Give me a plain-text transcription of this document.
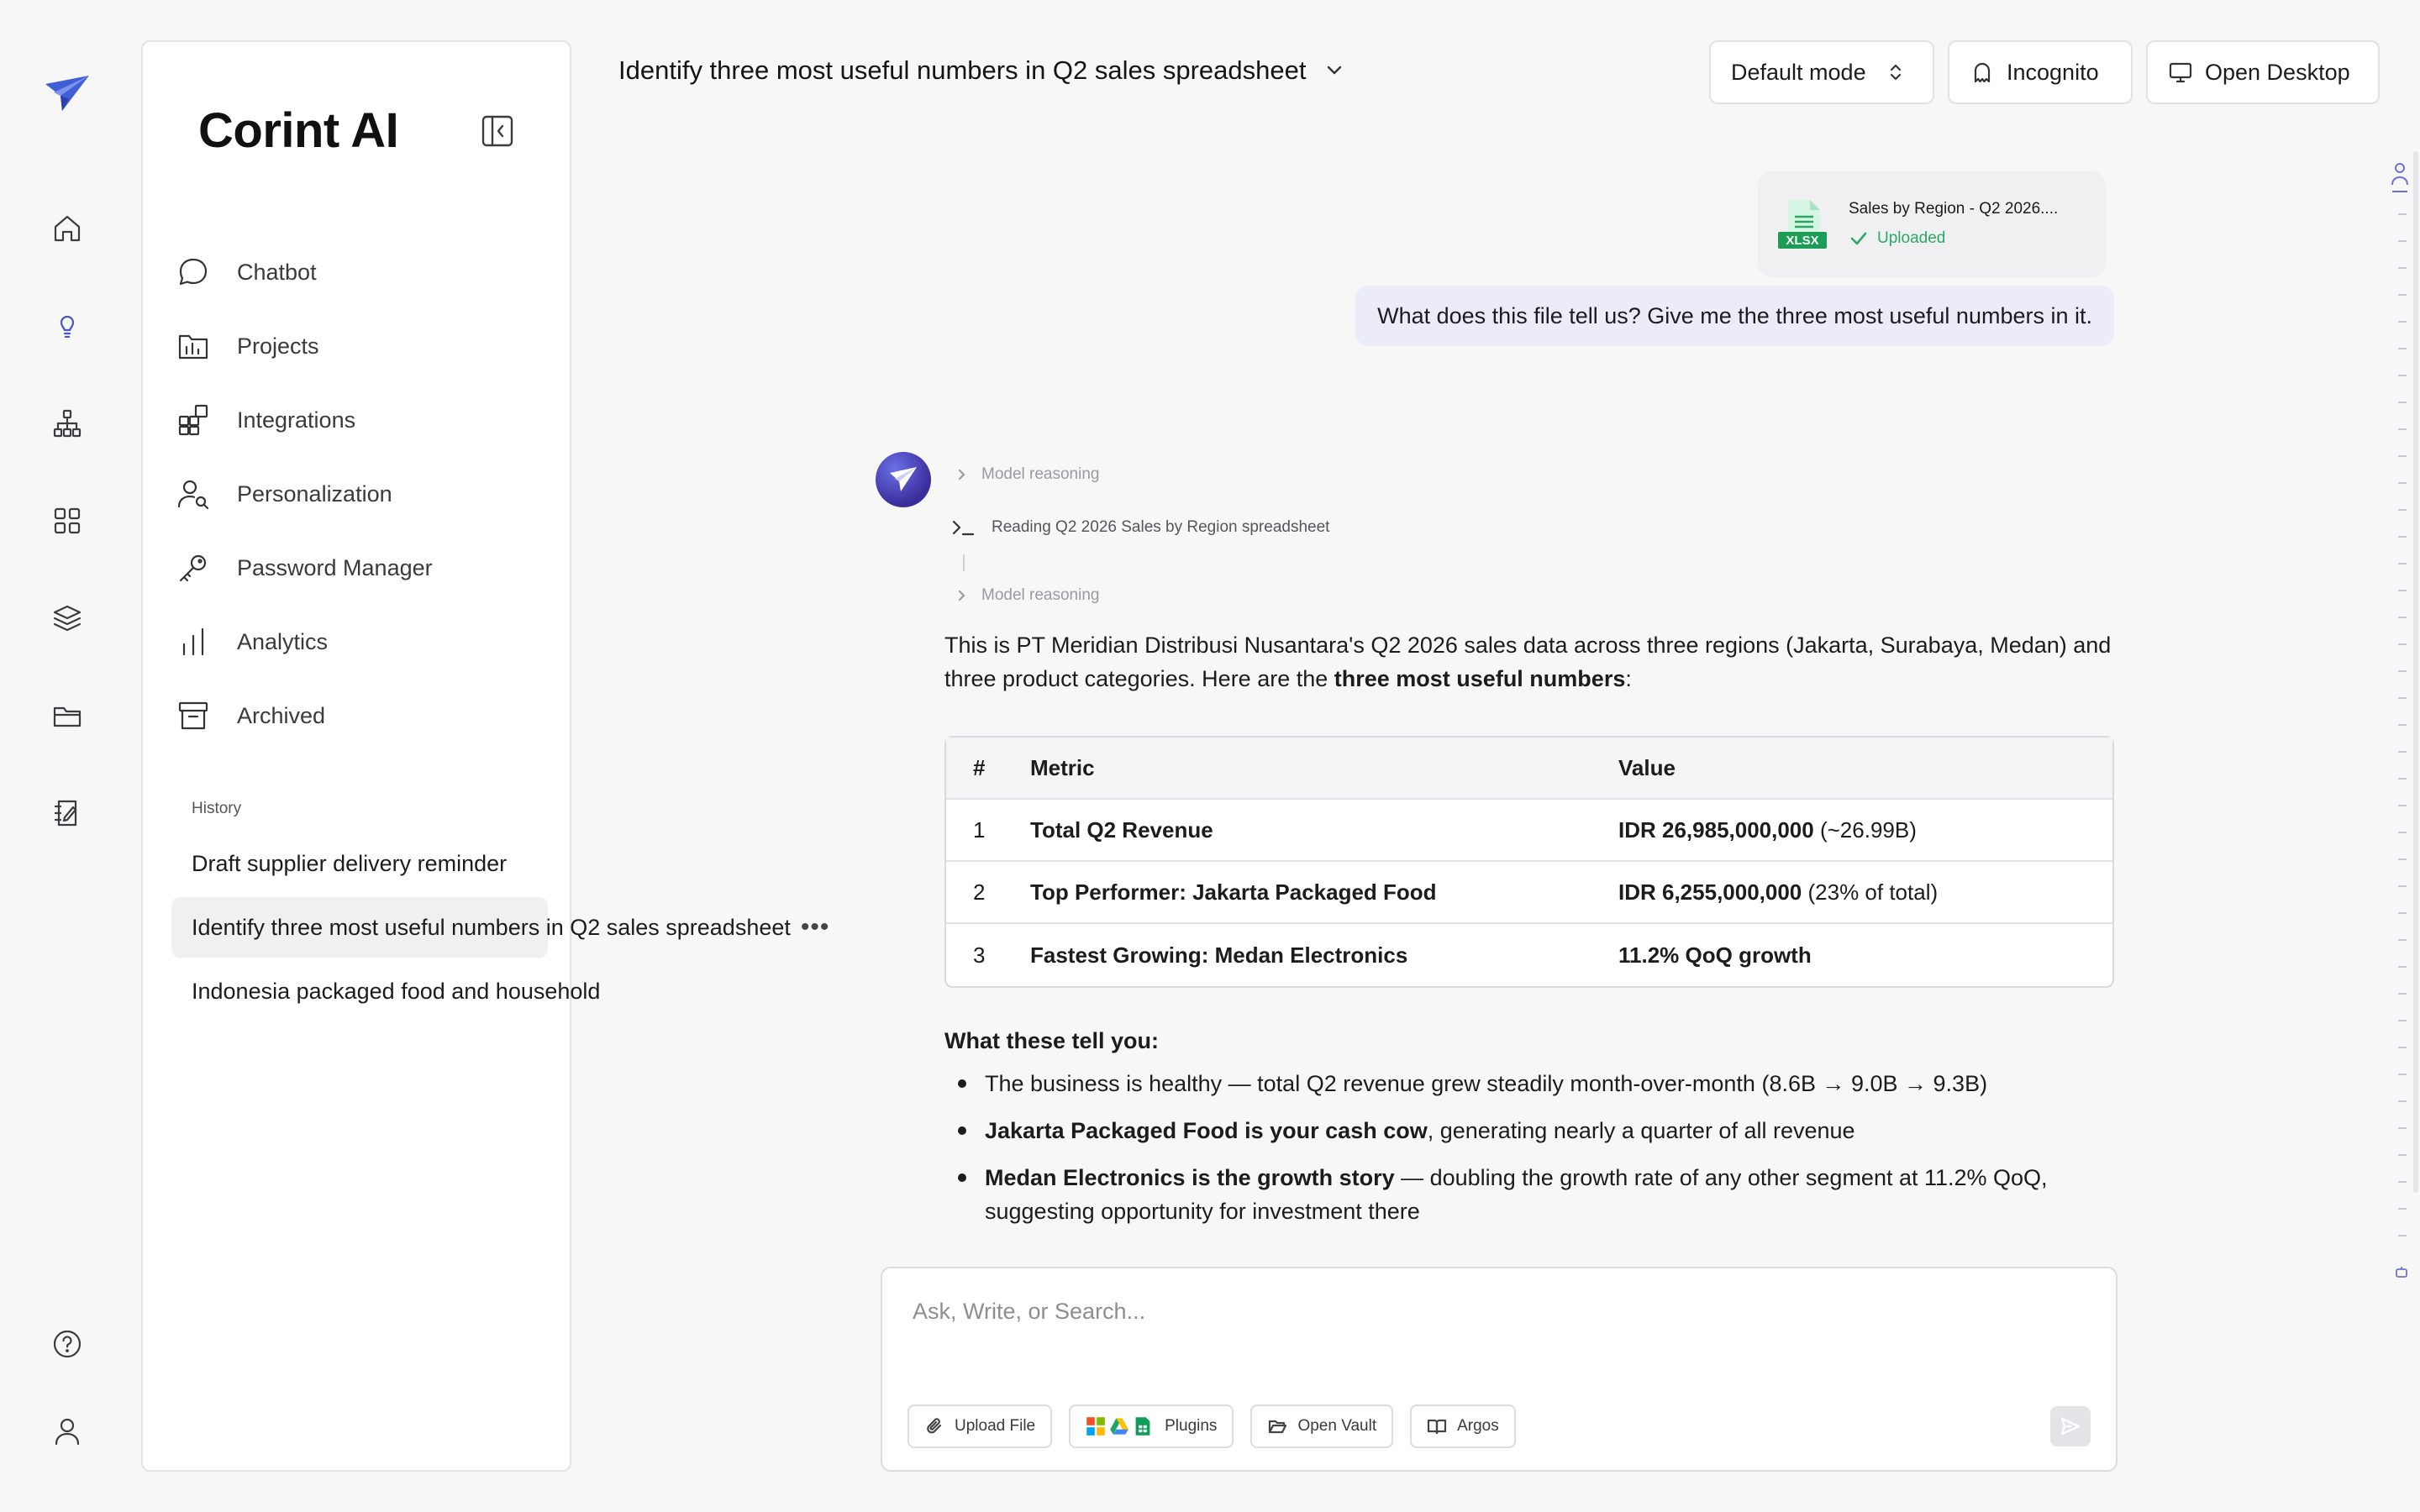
Corint AI
Chatbot
Projects
Integrations
Personalization
Password Manager
Analytics
Archived
History
Draft supplier delivery reminder
Identify three most useful numbers in Q2 sales spreadsheet •••
Indonesia packaged food and household
Identify three most useful numbers in Q2 sales spreadsheet	Default mode	Incognito	Open Desktop
XLSX
Sales by Region - Q2 2026....
Uploaded
What does this file tell us? Give me the three most useful numbers in it.
Model reasoning
Reading Q2 2026 Sales by Region spreadsheet
Model reasoning
This is PT Meridian Distribusi Nusantara's Q2 2026 sales data across three regions (Jakarta, Surabaya, Medan) and three product categories. Here are the three most useful numbers:
#	Metric	Value
1	Total Q2 Revenue	IDR 26,985,000,000 (~26.99B)
2	Top Performer: Jakarta Packaged Food	IDR 6,255,000,000 (23% of total)
3	Fastest Growing: Medan Electronics	11.2% QoQ growth
What these tell you:
The business is healthy — total Q2 revenue grew steadily month-over-month (8.6B → 9.0B → 9.3B)
Jakarta Packaged Food is your cash cow, generating nearly a quarter of all revenue
Medan Electronics is the growth story — doubling the growth rate of any other segment at 11.2% QoQ, suggesting opportunity for investment there
Ask, Write, or Search...
Upload File	Plugins	Open Vault	Argos
